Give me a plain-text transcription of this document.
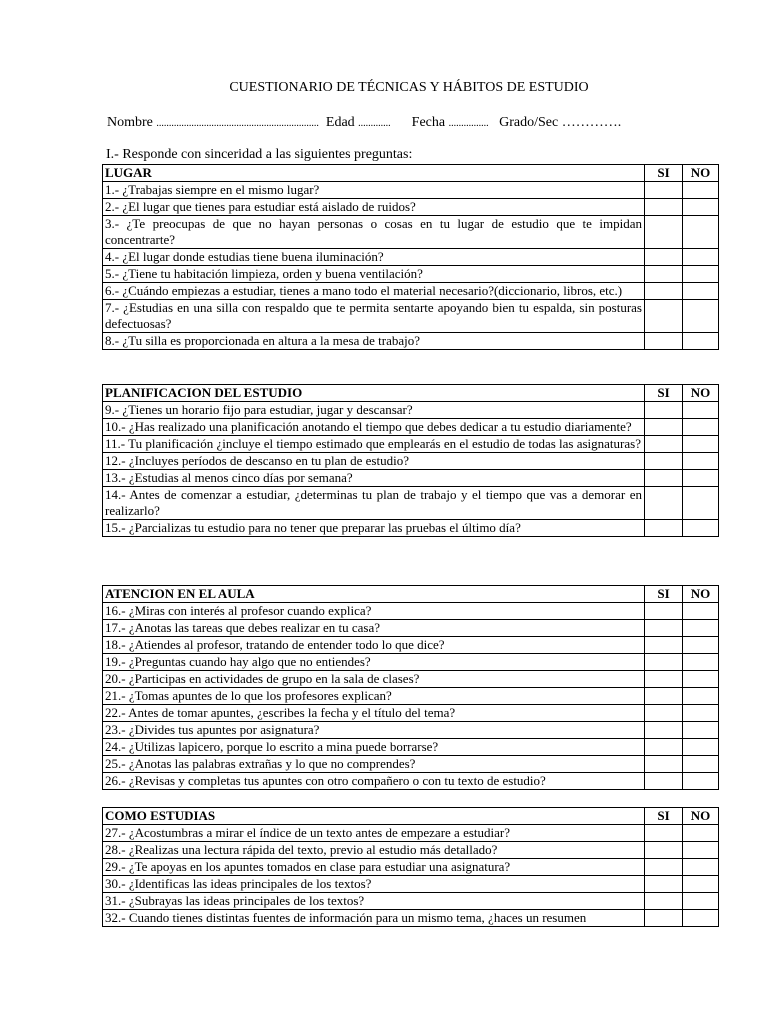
CUESTIONARIO DE TÉCNICAS Y HÁBITOS DE ESTUDIO
Nombre ................................................................. Edad ............. Fecha ................ Grado/Sec ………….
I.- Responde con sinceridad a las siguientes preguntas:
LUGAR	SI	NO
1.- ¿Trabajas siempre en el mismo lugar?		
2.- ¿El lugar que tienes para estudiar está aislado de ruidos?		
3.- ¿Te preocupas de que no hayan personas o cosas en tu lugar de estudio que te impidan concentrarte?		
4.- ¿El lugar donde estudias tiene buena iluminación?		
5.- ¿Tiene tu habitación limpieza, orden y buena ventilación?		
6.- ¿Cuándo empiezas a estudiar, tienes a mano todo el material necesario?(diccionario, libros, etc.)		
7.- ¿Estudias en una silla con respaldo que te permita sentarte apoyando bien tu espalda, sin posturas defectuosas?		
8.- ¿Tu silla es proporcionada en altura a la mesa de trabajo?		
PLANIFICACION DEL ESTUDIO	SI	NO
9.- ¿Tienes un horario fijo para estudiar, jugar y descansar?		
10.- ¿Has realizado una planificación anotando el tiempo que debes dedicar a tu estudio diariamente?		
11.- Tu planificación ¿incluye el tiempo estimado que emplearás en el estudio de todas las asignaturas?		
12.- ¿Incluyes períodos de descanso en tu plan de estudio?		
13.- ¿Estudias al menos cinco días por semana?		
14.- Antes de comenzar a estudiar, ¿determinas tu plan de trabajo y el tiempo que vas a demorar en realizarlo?		
15.- ¿Parcializas tu estudio para no tener que preparar las pruebas el último día?		
ATENCION EN EL AULA	SI	NO
16.- ¿Miras con interés al profesor cuando explica?		
17.- ¿Anotas las tareas que debes realizar en tu casa?		
18.- ¿Atiendes al profesor, tratando de entender todo lo que dice?		
19.- ¿Preguntas cuando hay algo que no entiendes?		
20.- ¿Participas en actividades de grupo en la sala de clases?		
21.- ¿Tomas apuntes de lo que los profesores explican?		
22.- Antes de tomar apuntes, ¿escribes la fecha y el título del tema?		
23.- ¿Divides tus apuntes por asignatura?		
24.- ¿Utilizas lapicero, porque lo escrito a mina puede borrarse?		
25.- ¿Anotas las palabras extrañas y lo que no comprendes?		
26.- ¿Revisas y completas tus apuntes con otro compañero o con tu texto de estudio?		
COMO ESTUDIAS	SI	NO
27.- ¿Acostumbras a mirar el índice de un texto antes de empezare a estudiar?		
28.- ¿Realizas una lectura rápida del texto, previo al estudio más detallado?		
29.- ¿Te apoyas en los apuntes tomados en clase para estudiar una asignatura?		
30.- ¿Identificas las ideas principales de los textos?		
31.- ¿Subrayas las ideas principales de los textos?		
32.- Cuando tienes distintas fuentes de información para un mismo tema, ¿haces un resumen		
